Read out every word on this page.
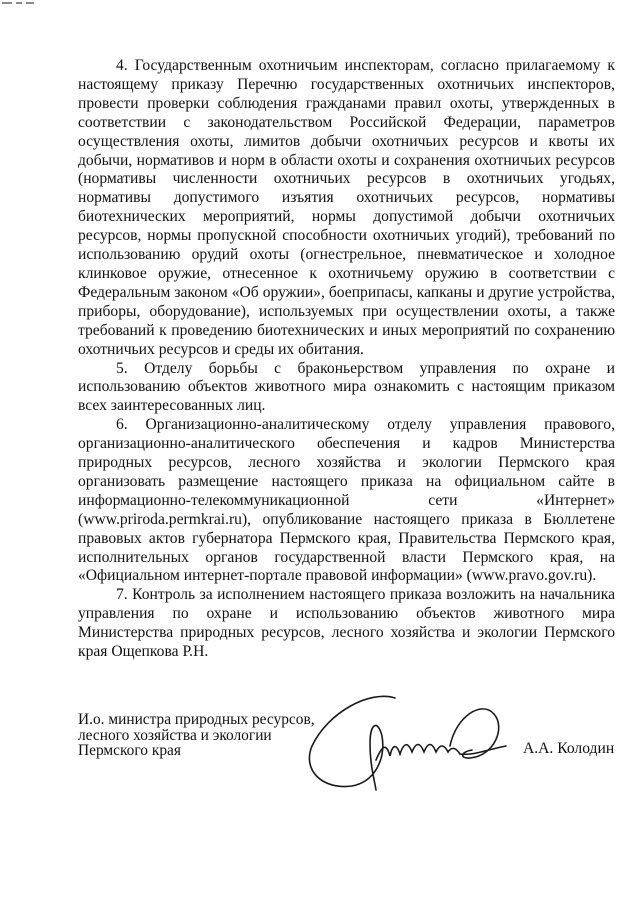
4. Государственным охотничьим инспекторам, согласно прилагаемому к настоящему приказу Перечню государственных охотничьих инспекторов, провести проверки соблюдения гражданами правил охоты, утвержденных в соответствии с законодательством Российской Федерации, параметров осуществления охоты, лимитов добычи охотничьих ресурсов и квоты их добычи, нормативов и норм в области охоты и сохранения охотничьих ресурсов (нормативы численности охотничьих ресурсов в охотничьих угодьях, нормативы допустимого изъятия охотничьих ресурсов, нормативы биотехнических мероприятий, нормы допустимой добычи охотничьих ресурсов, нормы пропускной способности охотничьих угодий), требований по использованию орудий охоты (огнестрельное, пневматическое и холодное клинковое оружие, отнесенное к охотничьему оружию в соответствии с Федеральным законом «Об оружии», боеприпасы, капканы и другие устройства, приборы, оборудование), используемых при осуществлении охоты, а также требований к проведению биотехнических и иных мероприятий по сохранению охотничьих ресурсов и среды их обитания.

5. Отделу борьбы с браконьерством управления по охране и использованию объектов животного мира ознакомить с настоящим приказом всех заинтересованных лиц.

6. Организационно-аналитическому отделу управления правового, организационно-аналитического обеспечения и кадров Министерства природных ресурсов, лесного хозяйства и экологии Пермского края организовать размещение настоящего приказа на официальном сайте в информационно-телекоммуникационной сети «Интернет» (www.priroda.permkrai.ru), опубликование настоящего приказа в Бюллетене правовых актов губернатора Пермского края, Правительства Пермского края, исполнительных органов государственной власти Пермского края, на «Официальном интернет-портале правовой информации» (www.pravo.gov.ru).

7. Контроль за исполнением настоящего приказа возложить на начальника управления по охране и использованию объектов животного мира Министерства природных ресурсов, лесного хозяйства и экологии Пермского края Ощепкова Р.Н.

И.о. министра природных ресурсов,
лесного хозяйства и экологии
Пермского края	А.А. Колодин
